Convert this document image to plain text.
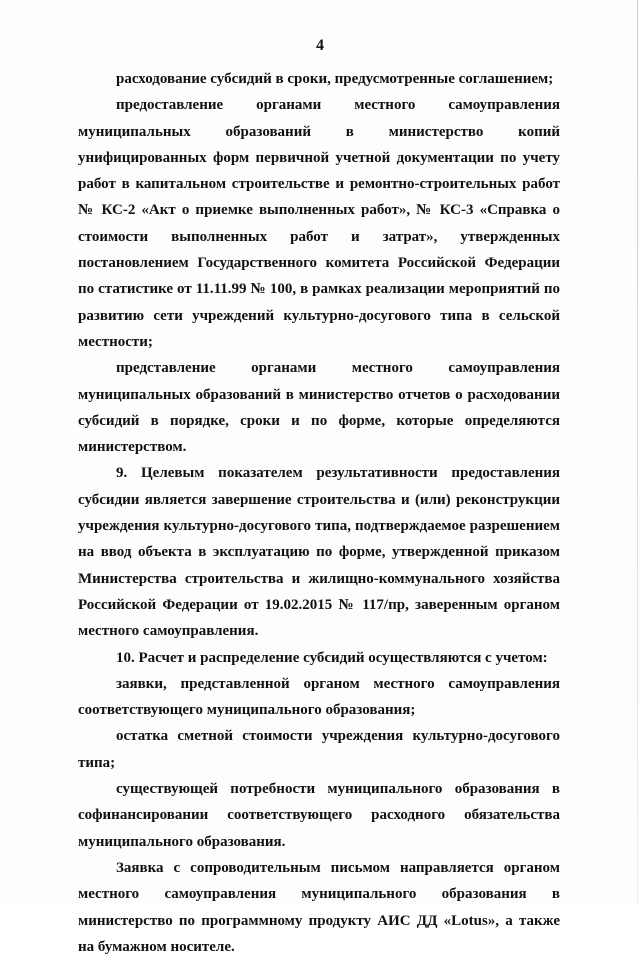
4

расходование субсидий в сроки, предусмотренные соглашением;

предоставление органами местного самоуправления муниципальных образований в министерство копий унифицированных форм первичной учетной документации по учету работ в капитальном строительстве и ремонтно-строительных работ № КС-2 «Акт о приемке выполненных работ», № КС-3 «Справка о стоимости выполненных работ и затрат», утвержденных постановлением Государственного комитета Российской Федерации по статистике от 11.11.99 № 100, в рамках реализации мероприятий по развитию сети учреждений культурно-досугового типа в сельской местности;

представление органами местного самоуправления муниципальных образований в министерство отчетов о расходовании субсидий в порядке, сроки и по форме, которые определяются министерством.

9. Целевым показателем результативности предоставления субсидии является завершение строительства и (или) реконструкции учреждения культурно-досугового типа, подтверждаемое разрешением на ввод объекта в эксплуатацию по форме, утвержденной приказом Министерства строительства и жилищно-коммунального хозяйства Российской Федерации от 19.02.2015 № 117/пр, заверенным органом местного самоуправления.

10. Расчет и распределение субсидий осуществляются с учетом:

заявки, представленной органом местного самоуправления соответствующего муниципального образования;

остатка сметной стоимости учреждения культурно-досугового типа;

существующей потребности муниципального образования в софинансировании соответствующего расходного обязательства муниципального образования.

Заявка с сопроводительным письмом направляется органом местного самоуправления муниципального образования в министерство по программному продукту АИС ДД «Lotus», а также на бумажном носителе.
